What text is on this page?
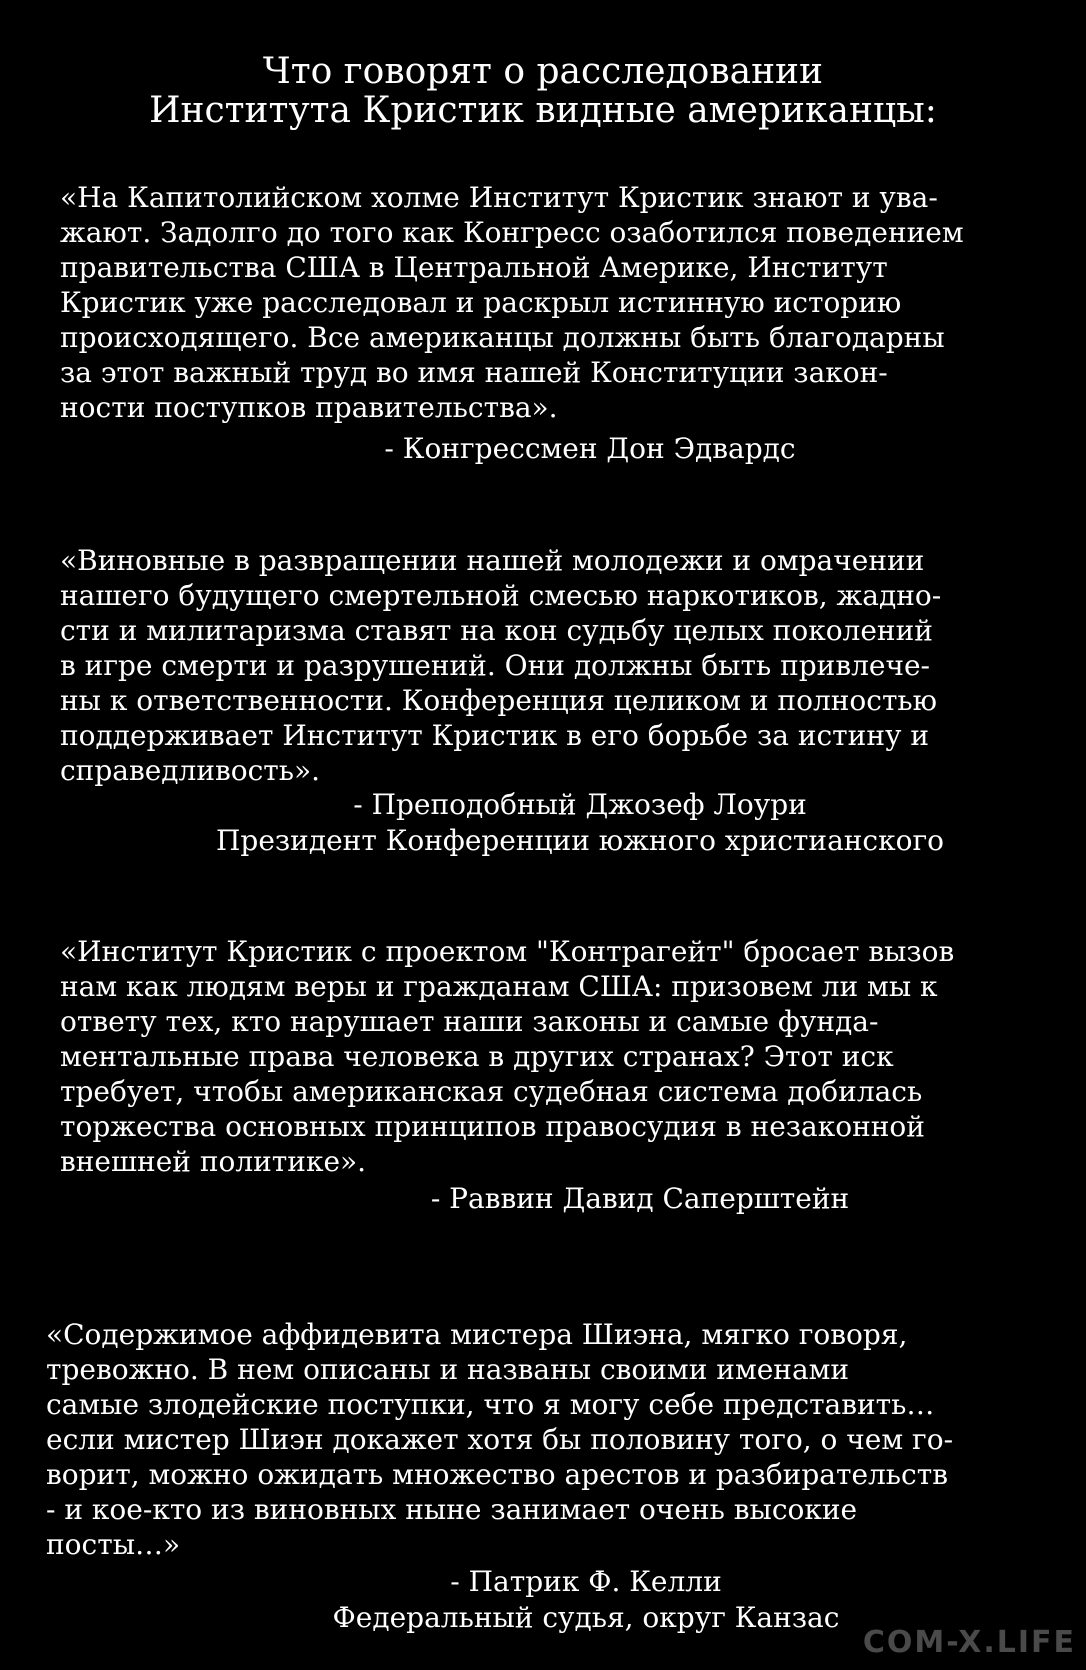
Что говорят о расследовании
Института Кристик видные американцы:
«На Капитолийском холме Институт Кристик знают и ува-
жают. Задолго до того как Конгресс озаботился поведением
правительства США в Центральной Америке, Институт
Кристик уже расследовал и раскрыл истинную историю
происходящего. Все американцы должны быть благодарны
за этот важный труд во имя нашей Конституции закон-
ности поступков правительства».
- Конгрессмен Дон Эдвардс
«Виновные в развращении нашей молодежи и омрачении
нашего будущего смертельной смесью наркотиков, жадно-
сти и милитаризма ставят на кон судьбу целых поколений
в игре смерти и разрушений. Они должны быть привлече-
ны к ответственности. Конференция целиком и полностью
поддерживает Институт Кристик в его борьбе за истину и
справедливость».
- Преподобный Джозеф Лоури
Президент Конференции южного христианского
«Институт Кристик с проектом "Контрагейт" бросает вызов
нам как людям веры и гражданам США: призовем ли мы к
ответу тех, кто нарушает наши законы и самые фунда-
ментальные права человека в других странах? Этот иск
требует, чтобы американская судебная система добилась
торжества основных принципов правосудия в незаконной
внешней политике».
- Раввин Давид Саперштейн
«Содержимое аффидевита мистера Шиэна, мягко говоря,
тревожно. В нем описаны и названы своими именами
самые злодейские поступки, что я могу себе представить…
если мистер Шиэн докажет хотя бы половину того, о чем го-
ворит, можно ожидать множество арестов и разбирательств
- и кое-кто из виновных ныне занимает очень высокие
посты…»
- Патрик Ф. Келли
Федеральный судья, округ Канзас
COM-X.LIFE
